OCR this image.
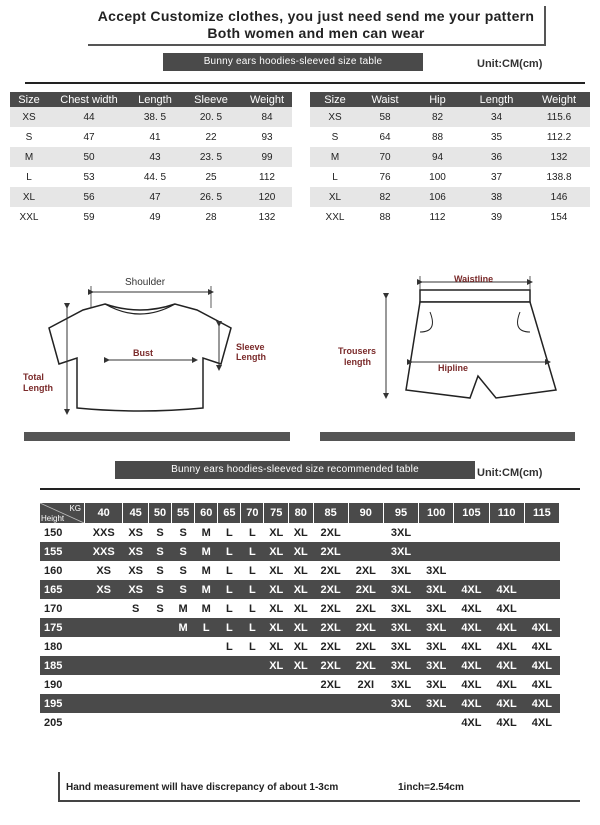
Accept Customize clothes, you just need send me your pattern
Both women and men can wear
Bunny ears hoodies-sleeved size table	Unit:CM(cm)
Size	Chest width	Length	Sleeve	Weight
XS	44	38. 5	20. 5	84
S	47	41	22	93
M	50	43	23. 5	99
L	53	44. 5	25	112
XL	56	47	26. 5	120
XXL	59	49	28	132
Size	Waist	Hip	Length	Weight
XS	58	82	34	115.6
S	64	88	35	112.2
M	70	94	36	132
L	76	100	37	138.8
XL	82	106	38	146
XXL	88	112	39	154
Shoulder
Bust
Sleeve
Length
Total
Length
Waistline
Hipline
Trousers
length
Bunny ears hoodies-sleeved size recommended table	Unit:CM(cm)
KG
Height	40	45	50	55	60	65	70	75	80	85	90	95	100	105	110	115
150	XXS	XS	S	S	M	L	L	XL	XL	2XL		3XL				
155	XXS	XS	S	S	M	L	L	XL	XL	2XL		3XL				
160	XS	XS	S	S	M	L	L	XL	XL	2XL	2XL	3XL	3XL			
165	XS	XS	S	S	M	L	L	XL	XL	2XL	2XL	3XL	3XL	4XL	4XL	
170		S	S	M	M	L	L	XL	XL	2XL	2XL	3XL	3XL	4XL	4XL	
175				M	L	L	L	XL	XL	2XL	2XL	3XL	3XL	4XL	4XL	4XL
180						L	L	XL	XL	2XL	2XL	3XL	3XL	4XL	4XL	4XL
185								XL	XL	2XL	2XL	3XL	3XL	4XL	4XL	4XL
190										2XL	2XI	3XL	3XL	4XL	4XL	4XL
195												3XL	3XL	4XL	4XL	4XL
205														4XL	4XL	4XL
Hand measurement will have discrepancy of about 1-3cm	1inch=2.54cm
